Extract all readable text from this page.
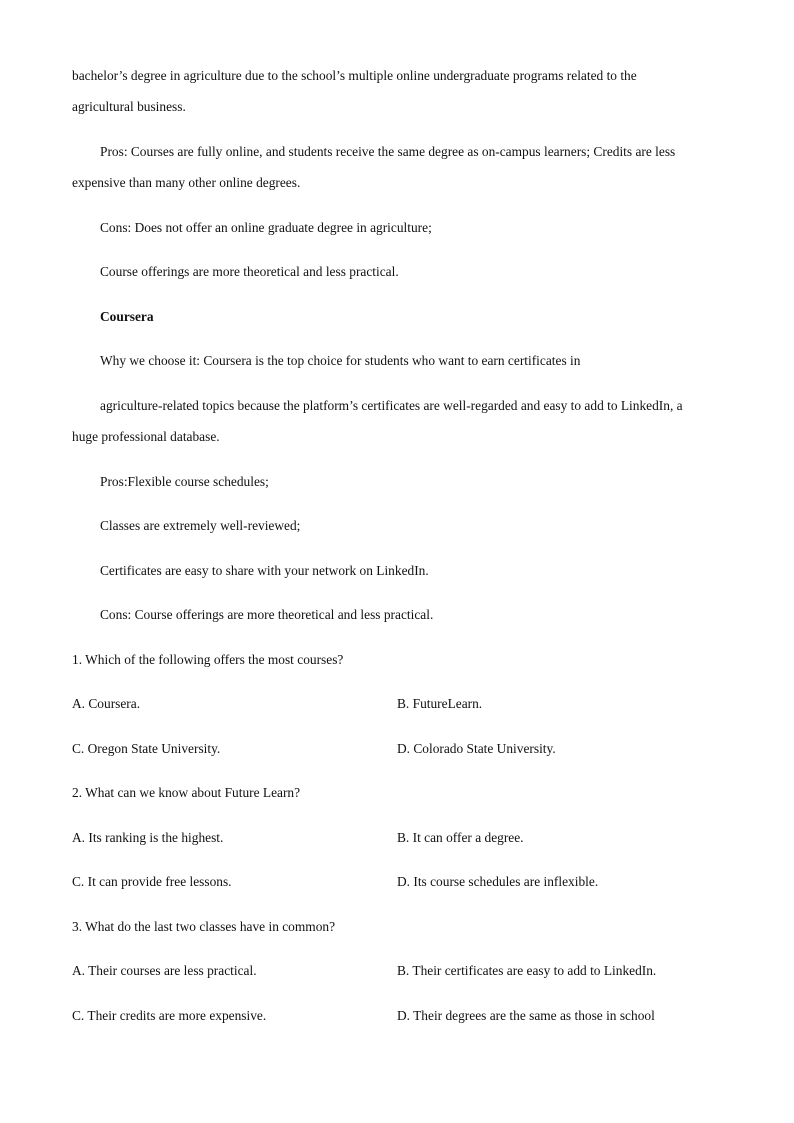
bachelor’s degree in agriculture due to the school’s multiple online undergraduate programs related to the
agricultural business.
Pros: Courses are fully online, and students receive the same degree as on-campus learners; Credits are less
expensive than many other online degrees.
Cons: Does not offer an online graduate degree in agriculture;
Course offerings are more theoretical and less practical.
Coursera
Why we choose it: Coursera is the top choice for students who want to earn certificates in
agriculture-related topics because the platform’s certificates are well-regarded and easy to add to LinkedIn, a
huge professional database.
Pros:Flexible course schedules;
Classes are extremely well-reviewed;
Certificates are easy to share with your network on LinkedIn.
Cons: Course offerings are more theoretical and less practical.
1. Which of the following offers the most courses?
A. Coursera.	B. FutureLearn.
C. Oregon State University.	D. Colorado State University.
2. What can we know about Future Learn?
A. Its ranking is the highest.	B. It can offer a degree.
C. It can provide free lessons.	D. Its course schedules are inflexible.
3. What do the last two classes have in common?
A. Their courses are less practical.	B. Their certificates are easy to add to LinkedIn.
C. Their credits are more expensive.	D. Their degrees are the same as those in school
